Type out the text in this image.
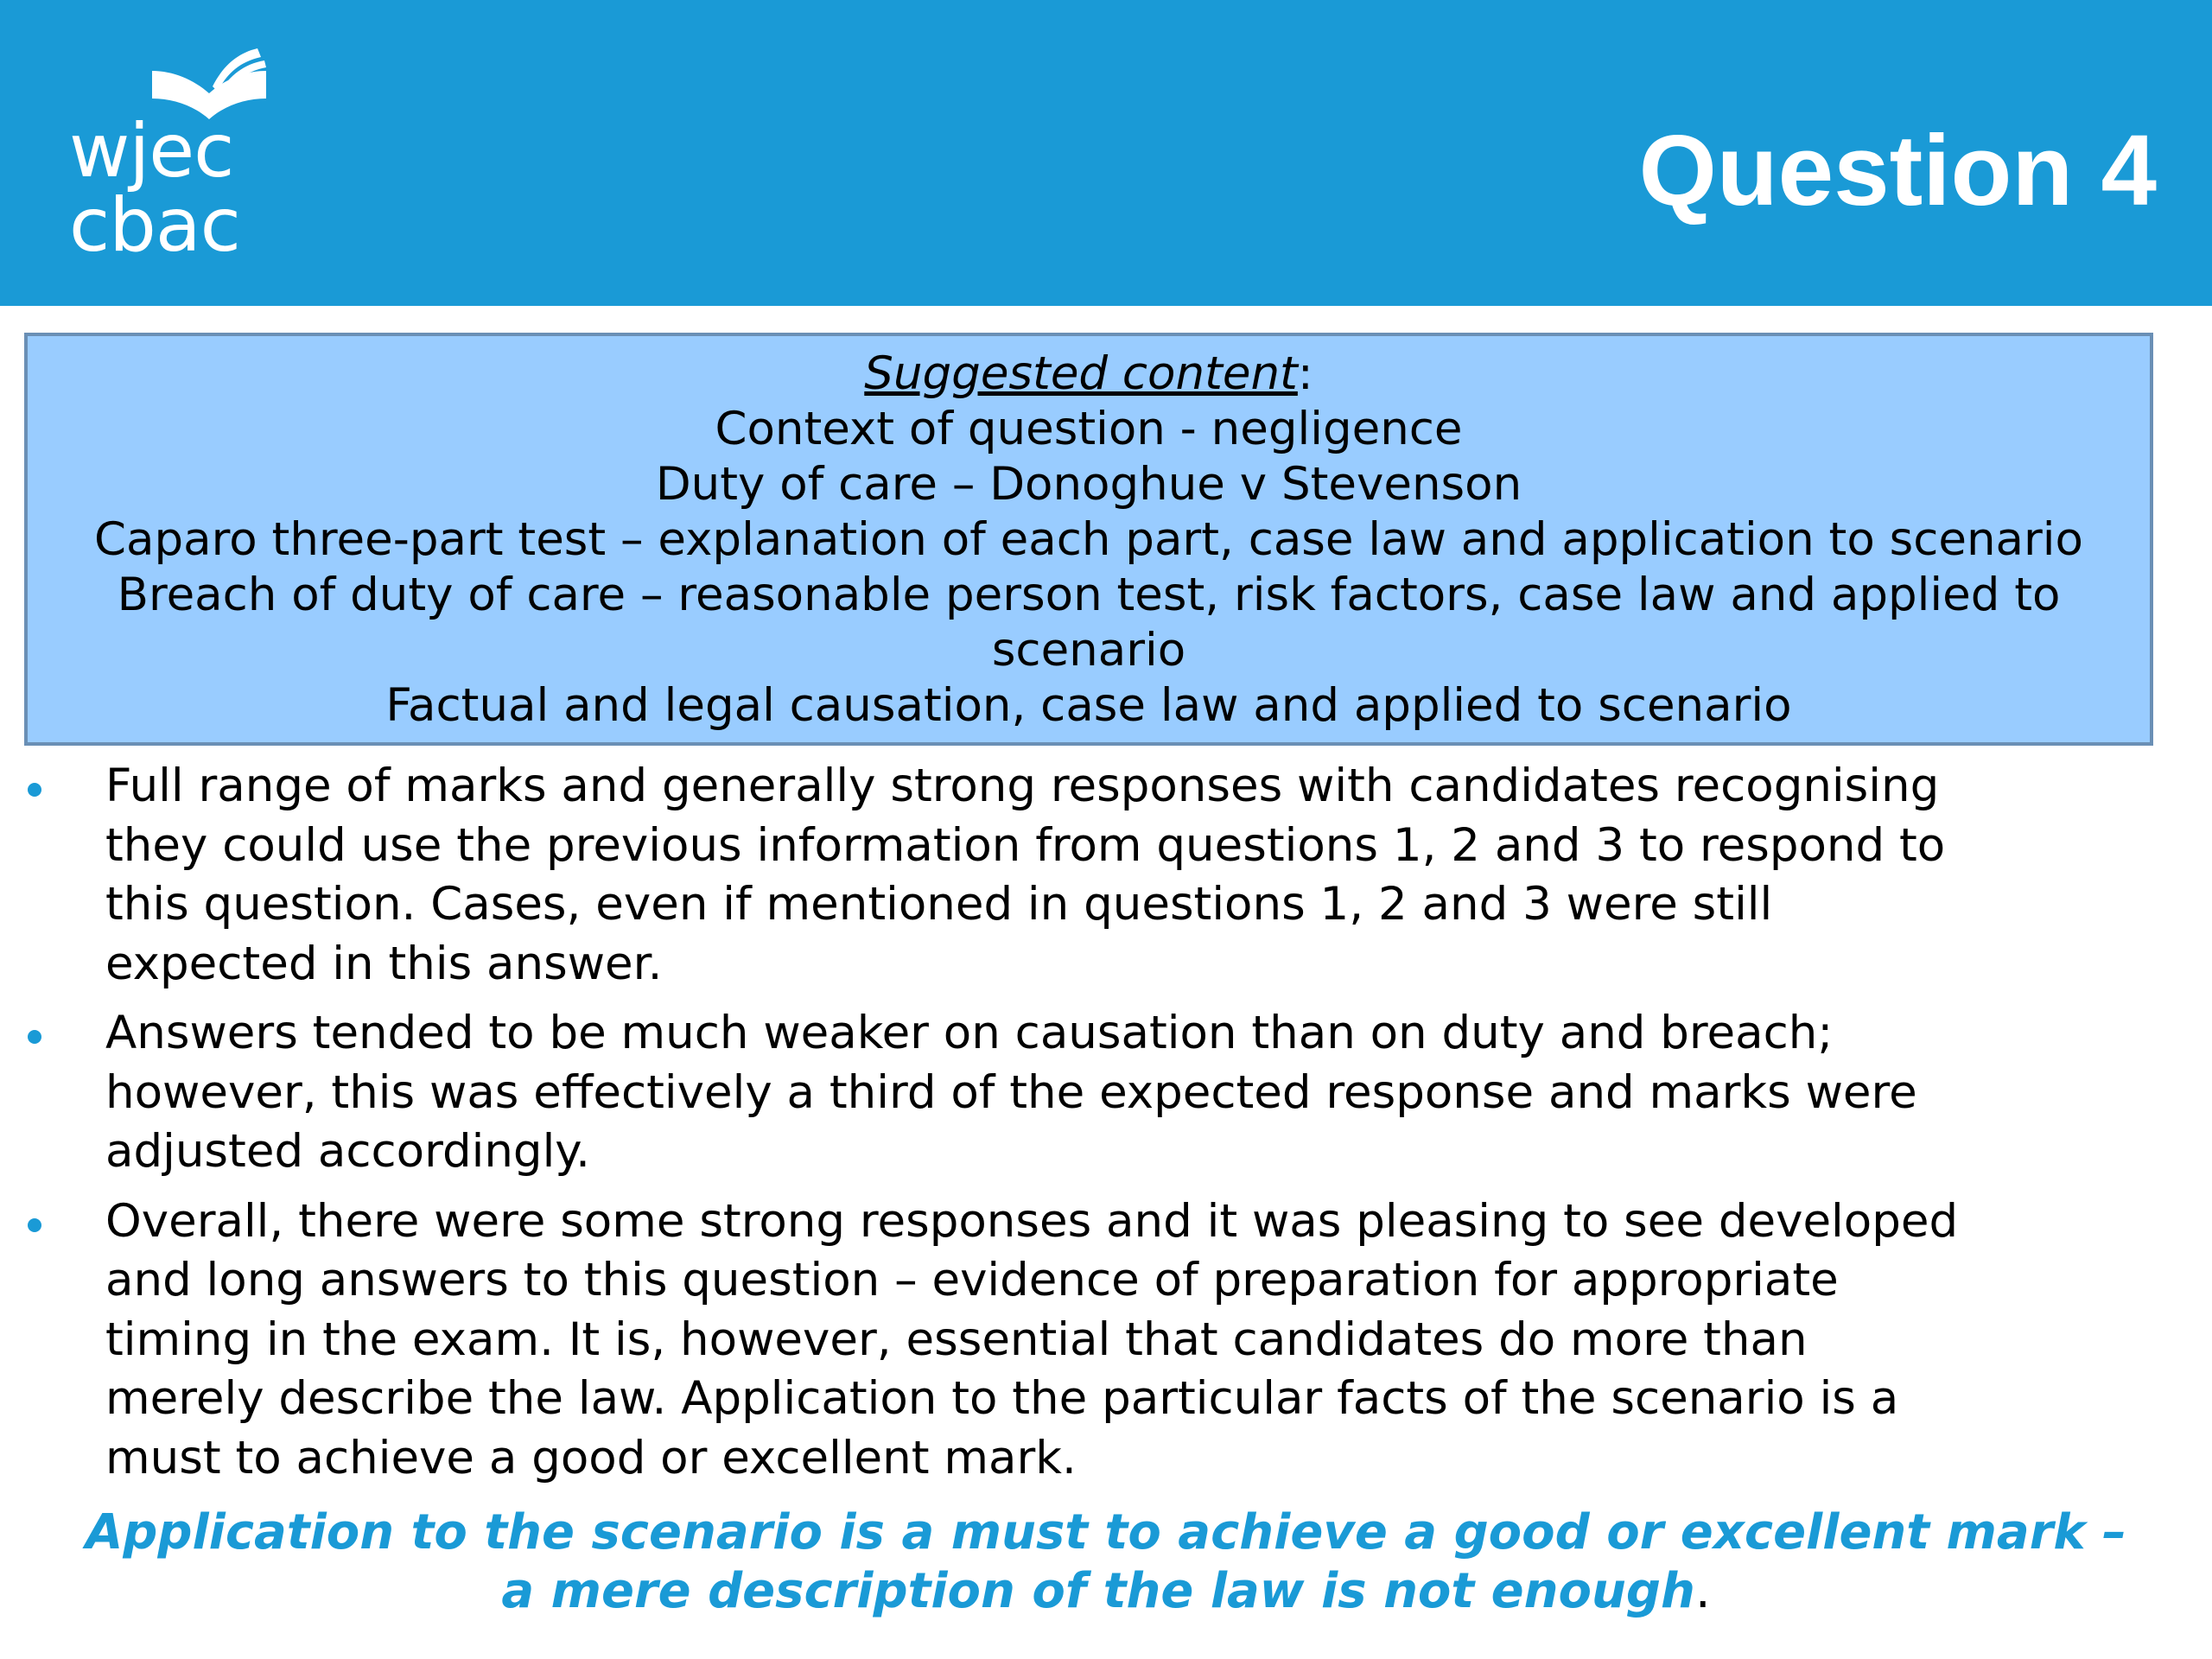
wjec
cbac	Question 4
Suggested content:
Context of question - negligence
Duty of care – Donoghue v Stevenson
Caparo three-part test – explanation of each part, case law and application to scenario
Breach of duty of care – reasonable person test, risk factors, case law and applied to
scenario
Factual and legal causation, case law and applied to scenario
Full range of marks and generally strong responses with candidates recognising
they could use the previous information from questions 1, 2 and 3 to respond to
this question. Cases, even if mentioned in questions 1, 2 and 3 were still
expected in this answer.
Answers tended to be much weaker on causation than on duty and breach;
however, this was effectively a third of the expected response and marks were
adjusted accordingly.
Overall, there were some strong responses and it was pleasing to see developed
and long answers to this question – evidence of preparation for appropriate
timing in the exam. It is, however, essential that candidates do more than
merely describe the law. Application to the particular facts of the scenario is a
must to achieve a good or excellent mark.
Application to the scenario is a must to achieve a good or excellent mark –
a mere description of the law is not enough.
